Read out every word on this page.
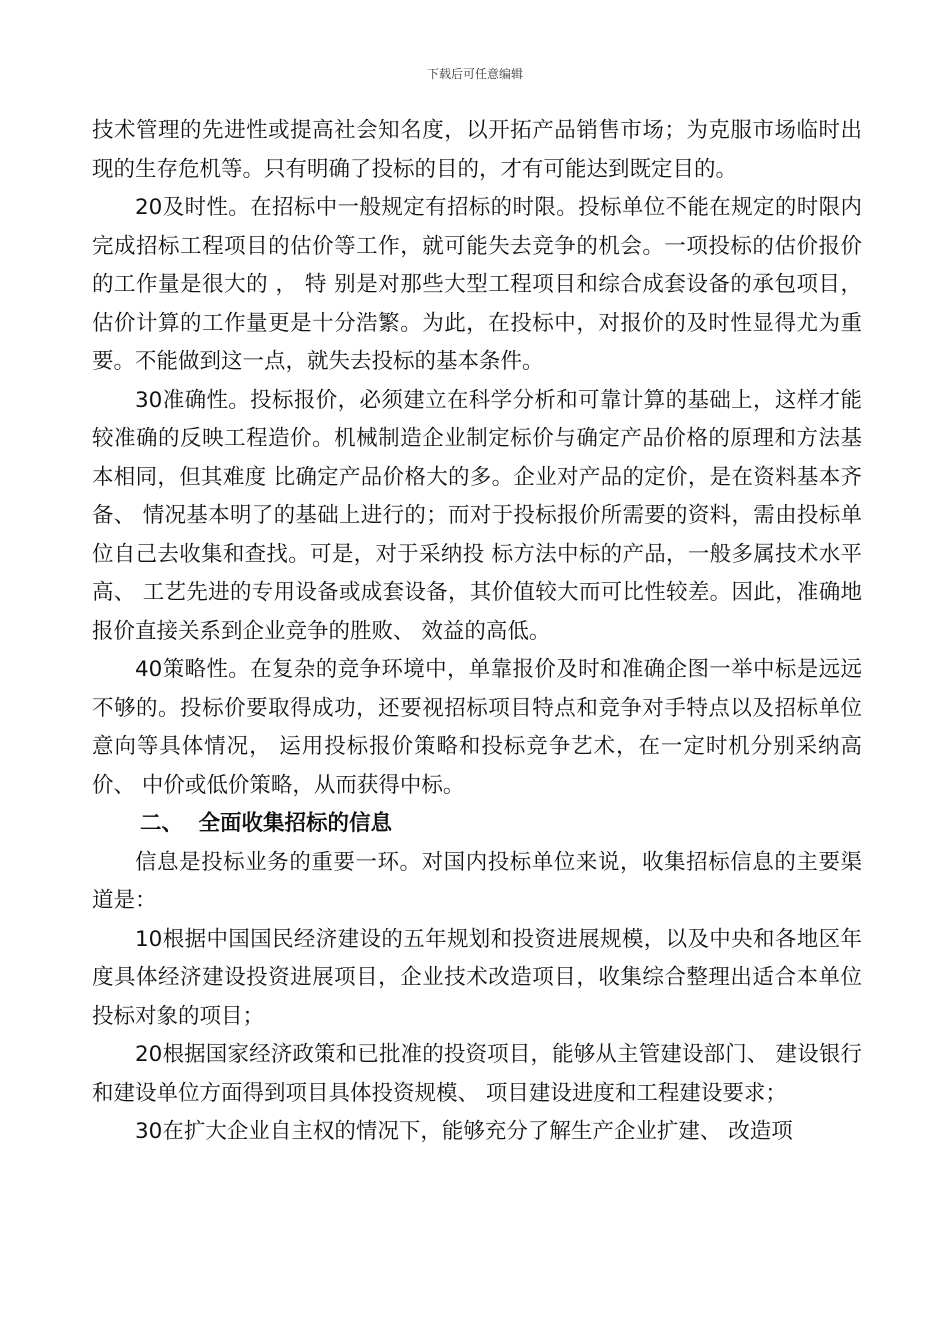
下载后可任意编辑

技术管理的先进性或提高社会知名度，以开拓产品销售市场；为克服市场临时出现的生存危机等。只有明确了投标的目的，才有可能达到既定目的。

20及时性。在招标中一般规定有招标的时限。投标单位不能在规定的时限内完成招标工程项目的估价等工作，就可能失去竞争的机会。一项投标的估价报价的工作量是很大的 ， 特 别是对那些大型工程项目和综合成套设备的承包项目，估价计算的工作量更是十分浩繁。为此，在投标中，对报价的及时性显得尤为重要。不能做到这一点，就失去投标的基本条件。

30准确性。投标报价，必须建立在科学分析和可靠计算的基础上，这样才能较准确的反映工程造价。机械制造企业制定标价与确定产品价格的原理和方法基本相同，但其难度 比确定产品价格大的多。企业对产品的定价，是在资料基本齐备、 情况基本明了的基础上进行的；而对于投标报价所需要的资料，需由投标单位自己去收集和查找。可是，对于采纳投 标方法中标的产品，一般多属技术水平高、 工艺先进的专用设备或成套设备，其价值较大而可比性较差。因此，准确地报价直接关系到企业竞争的胜败、 效益的高低。

40策略性。在复杂的竞争环境中，单靠报价及时和准确企图一举中标是远远不够的。投标价要取得成功，还要视招标项目特点和竞争对手特点以及招标单位意向等具体情况， 运用投标报价策略和投标竞争艺术，在一定时机分别采纳高价、 中价或低价策略，从而获得中标。

二、 全面收集招标的信息

信息是投标业务的重要一环。对国内投标单位来说，收集招标信息的主要渠道是：

10根据中国国民经济建设的五年规划和投资进展规模，以及中央和各地区年度具体经济建设投资进展项目，企业技术改造项目，收集综合整理出适合本单位投标对象的项目；

20根据国家经济政策和已批准的投资项目，能够从主管建设部门、 建设银行和建设单位方面得到项目具体投资规模、 项目建设进度和工程建设要求；

30在扩大企业自主权的情况下，能够充分了解生产企业扩建、 改造项
